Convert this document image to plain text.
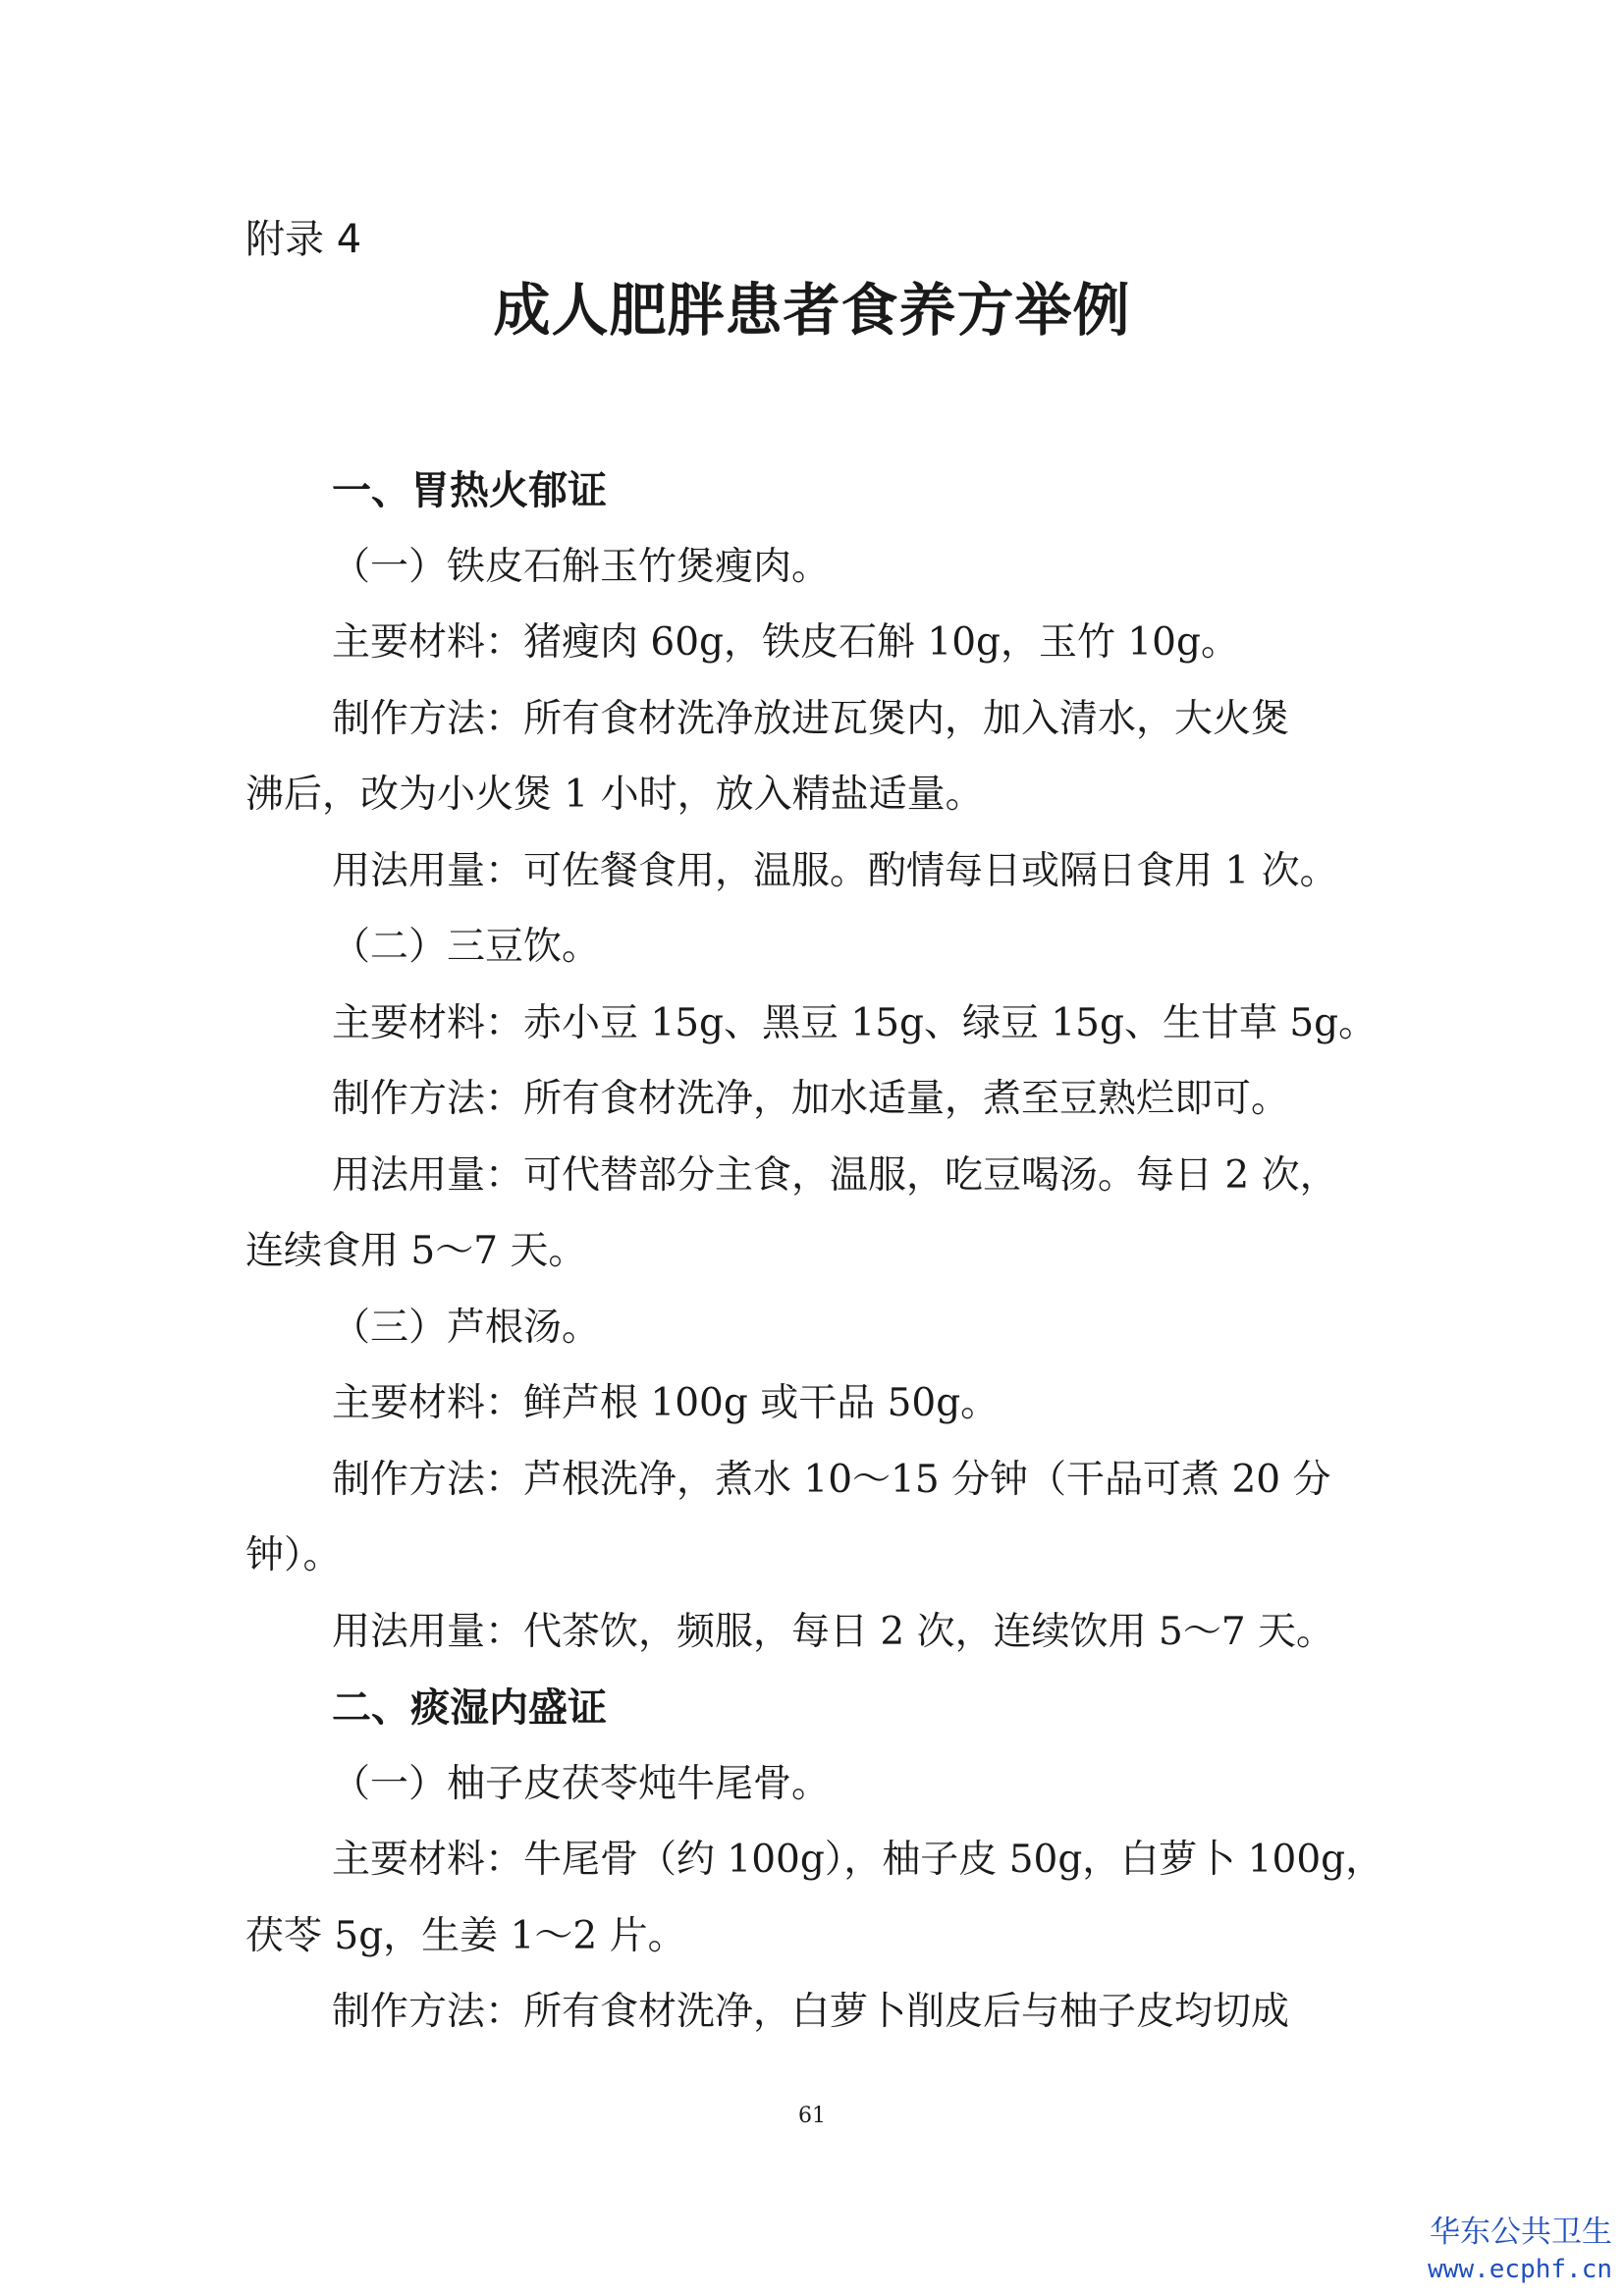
附录 4
成人肥胖患者食养方举例
一、胃热火郁证
（一）铁皮石斛玉竹煲瘦肉。
主要材料：猪瘦肉 60g，铁皮石斛 10g，玉竹 10g。
制作方法：所有食材洗净放进瓦煲内，加入清水，大火煲
沸后，改为小火煲 1 小时，放入精盐适量。
用法用量：可佐餐食用，温服。酌情每日或隔日食用 1 次。
（二）三豆饮。
主要材料：赤小豆 15g、黑豆 15g、绿豆 15g、生甘草 5g。
制作方法：所有食材洗净，加水适量，煮至豆熟烂即可。
用法用量：可代替部分主食，温服，吃豆喝汤。每日 2 次，
连续食用 5～7 天。
（三）芦根汤。
主要材料：鲜芦根 100g 或干品 50g。
制作方法：芦根洗净，煮水 10～15 分钟（干品可煮 20 分
钟）。
用法用量：代茶饮，频服，每日 2 次，连续饮用 5～7 天。
二、痰湿内盛证
（一）柚子皮茯苓炖牛尾骨。
主要材料：牛尾骨（约 100g），柚子皮 50g，白萝卜 100g，
茯苓 5g，生姜 1～2 片。
制作方法：所有食材洗净，白萝卜削皮后与柚子皮均切成
61
华东公共卫生
www.ecphf.cn
